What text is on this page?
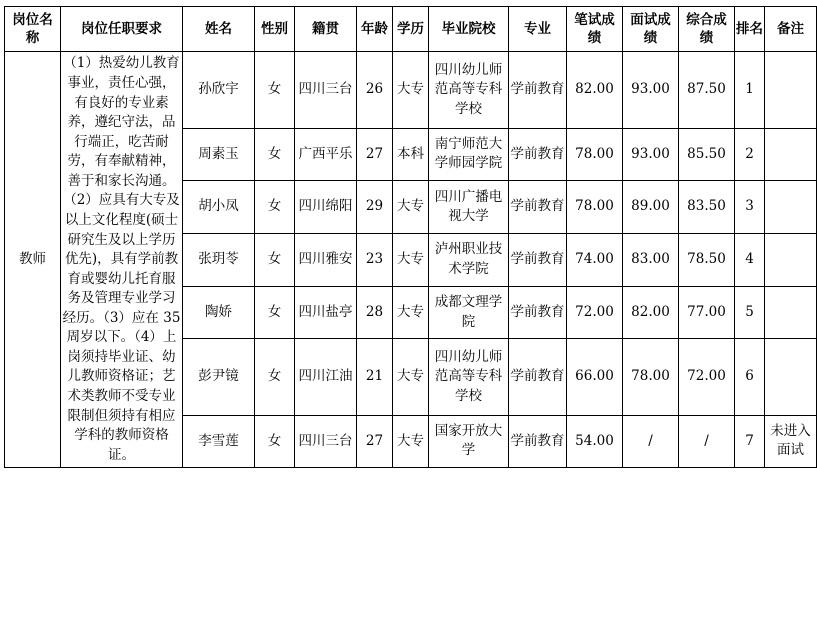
岗位名称	岗位任职要求	姓名	性别	籍贯	年龄	学历	毕业院校	专业	笔试成绩	面试成绩	综合成绩	排名	备注
教师	（1）热爱幼儿教育事业，责任心强，有良好的专业素养，遵纪守法，品行端正，吃苦耐劳，有奉献精神，善于和家长沟通。（2）应具有大专及以上文化程度(硕士研究生及以上学历优先)，具有学前教育或婴幼儿托育服务及管理专业学习经历。（3）应在 35 周岁以下。（4）上岗须持毕业证、幼儿教师资格证；艺术类教师不受专业限制但须持有相应学科的教师资格证。	孙欣宇	女	四川三台	26	大专	四川幼儿师范高等专科学校	学前教育	82.00	93.00	87.50	1	
		周素玉	女	广西平乐	27	本科	南宁师范大学师园学院	学前教育	78.00	93.00	85.50	2	
		胡小凤	女	四川绵阳	29	大专	四川广播电视大学	学前教育	78.00	89.00	83.50	3	
		张玥苓	女	四川雅安	23	大专	泸州职业技术学院	学前教育	74.00	83.00	78.50	4	
		陶娇	女	四川盐亭	28	大专	成都文理学院	学前教育	72.00	82.00	77.00	5	
		彭尹镜	女	四川江油	21	大专	四川幼儿师范高等专科学校	学前教育	66.00	78.00	72.00	6	
		李雪莲	女	四川三台	27	大专	国家开放大学	学前教育	54.00	/	/	7	未进入面试
